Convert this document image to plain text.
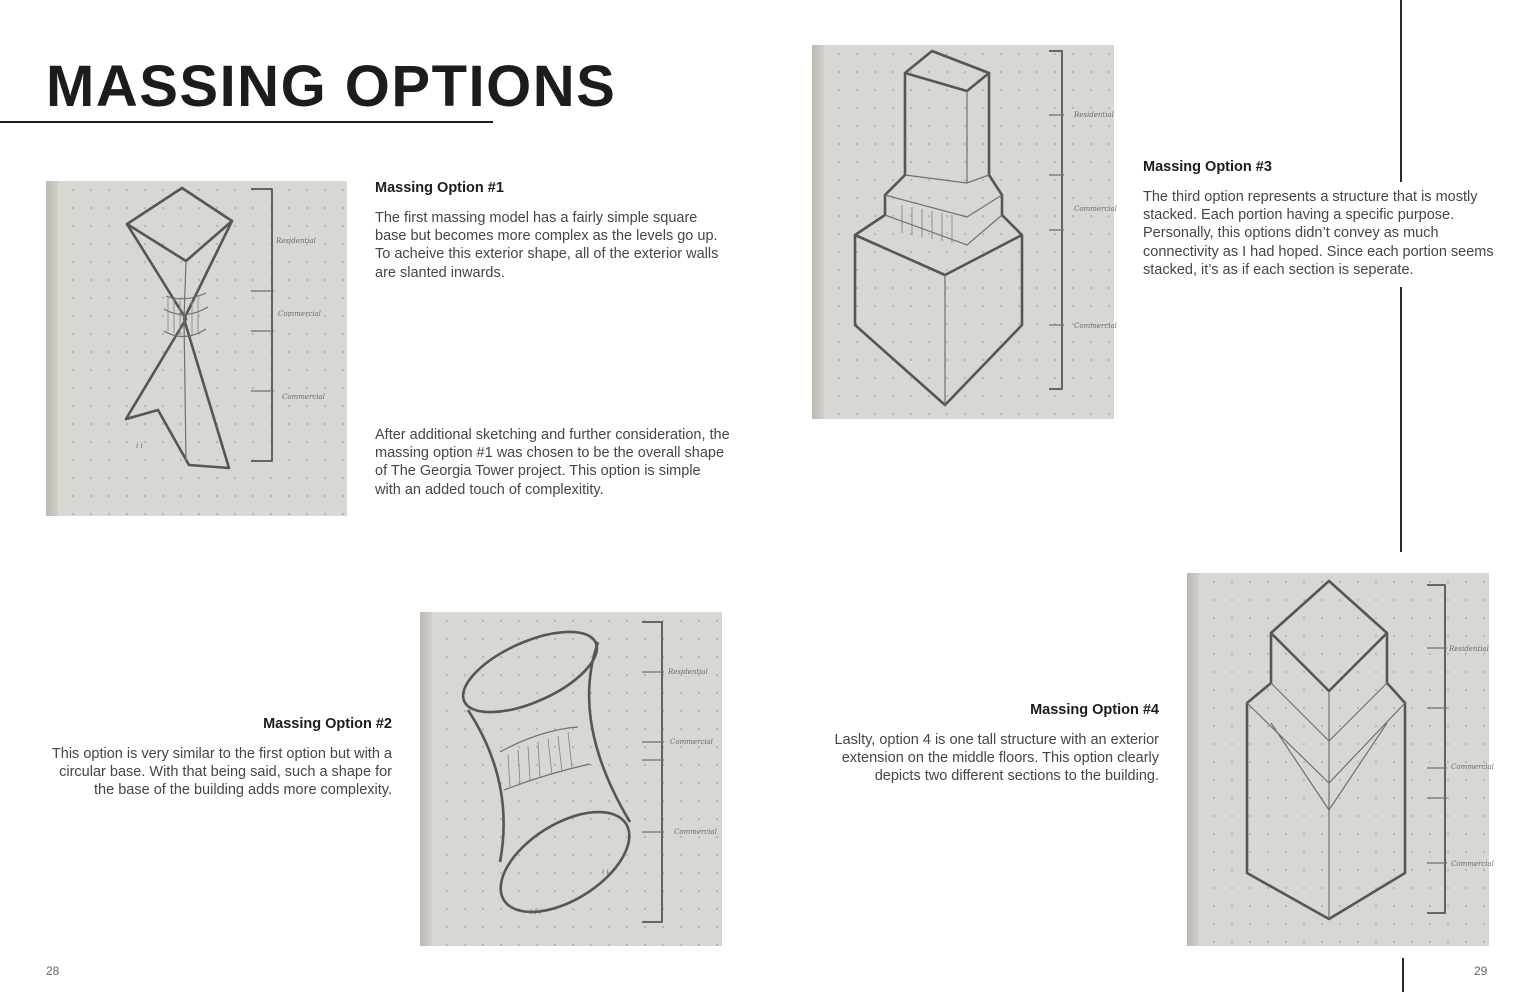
MASSING OPTIONS
Residential
Commercial
Commercial
i i
Massing Option #1

The first massing model has a fairly simple square base but becomes more complex as the levels go up. To acheive this exterior shape, all of the exterior walls are slanted inwards.

After additional sketching and further consideration, the massing option #1 was chosen to be the overall shape of The Georgia Tower project. This option is simple with an added touch of complexitity.

Residential
Commercial
Commercial
Massing Option #3

The third option represents a structure that is mostly stacked. Each portion having a specific purpose. Personally, this options didn’t convey as much connectivity as I had hoped. Since each portion seems stacked, it’s as if each section is seperate.

Massing Option #2

This option is very similar to the first option but with a circular base. With that being said, such a shape for the base of the building adds more complexity.

Residential
Commercial
Commercial
i i
i i i
Massing Option #4

Laslty, option 4 is one tall structure with an exterior extension on the middle floors. This option clearly depicts two different sections to the building.

Residential
Commercial
Commercial
28	29
